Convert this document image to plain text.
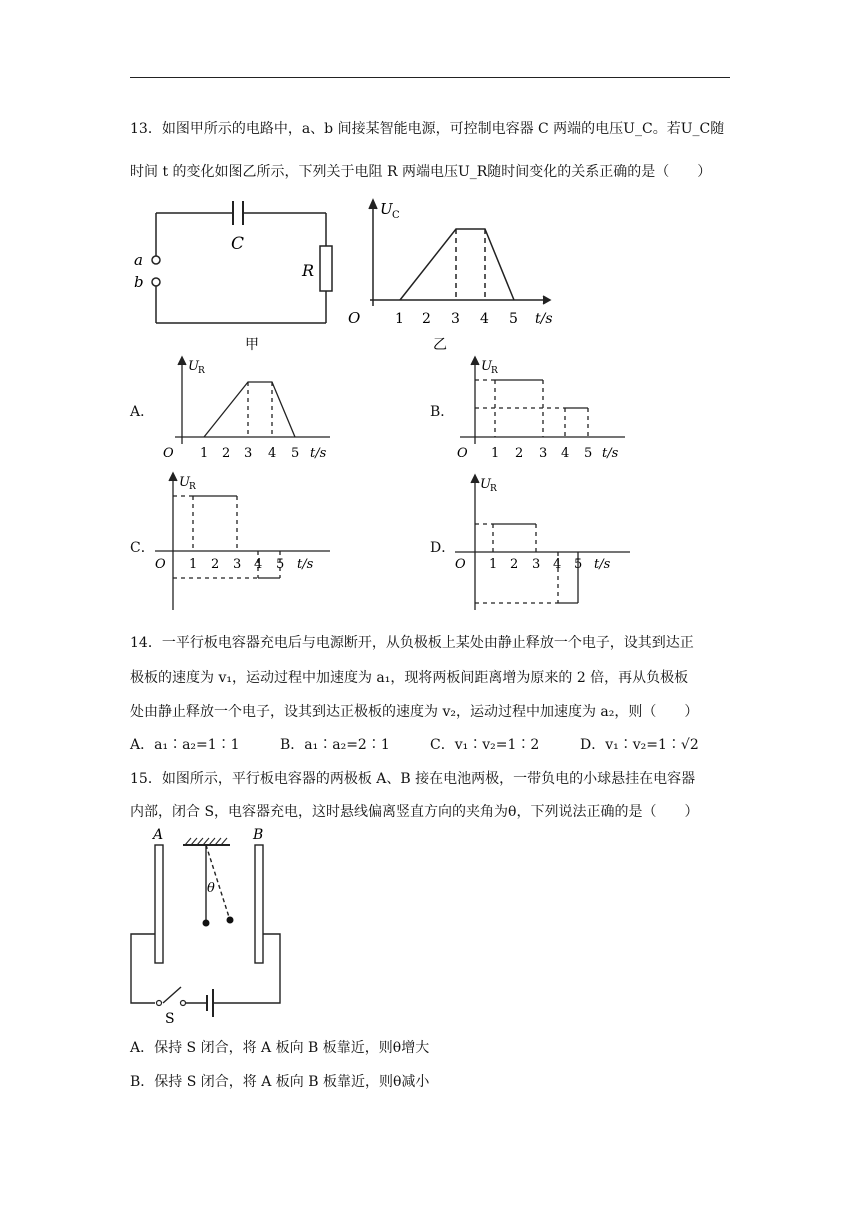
13．如图甲所示的电路中，a、b 间接某智能电源，可控制电容器 C 两端的电压U_C。若U_C随
时间 t 的变化如图乙所示，下列关于电阻 R 两端电压U_R随时间变化的关系正确的是（　　）
a
b
C
R
甲
U C
O 1 2 3 4 5 t/s
乙
A．
U R
O 1 2 3 4 5 t/s
B．
U R
O 1 2 3 4 5 t/s
C．
U R
O 1 2 3 4 5 t/s
D．
U R
O 1 2 3 4 5 t/s
14．一平行板电容器充电后与电源断开，从负极板上某处由静止释放一个电子，设其到达正
极板的速度为 v₁，运动过程中加速度为 a₁，现将两板间距离增为原来的 2 倍，再从负极板
处由静止释放一个电子，设其到达正极板的速度为 v₂，运动过程中加速度为 a₂，则（　　）
A．a₁∶a₂=1∶1	B．a₁∶a₂=2∶1	C．v₁∶v₂=1∶2	D．v₁∶v₂=1∶√2
15．如图所示，平行板电容器的两极板 A、B 接在电池两极，一带负电的小球悬挂在电容器
内部，闭合 S，电容器充电，这时悬线偏离竖直方向的夹角为θ，下列说法正确的是（　　）
A	B
θ
S
A．保持 S 闭合，将 A 板向 B 板靠近，则θ增大
B．保持 S 闭合，将 A 板向 B 板靠近，则θ减小
